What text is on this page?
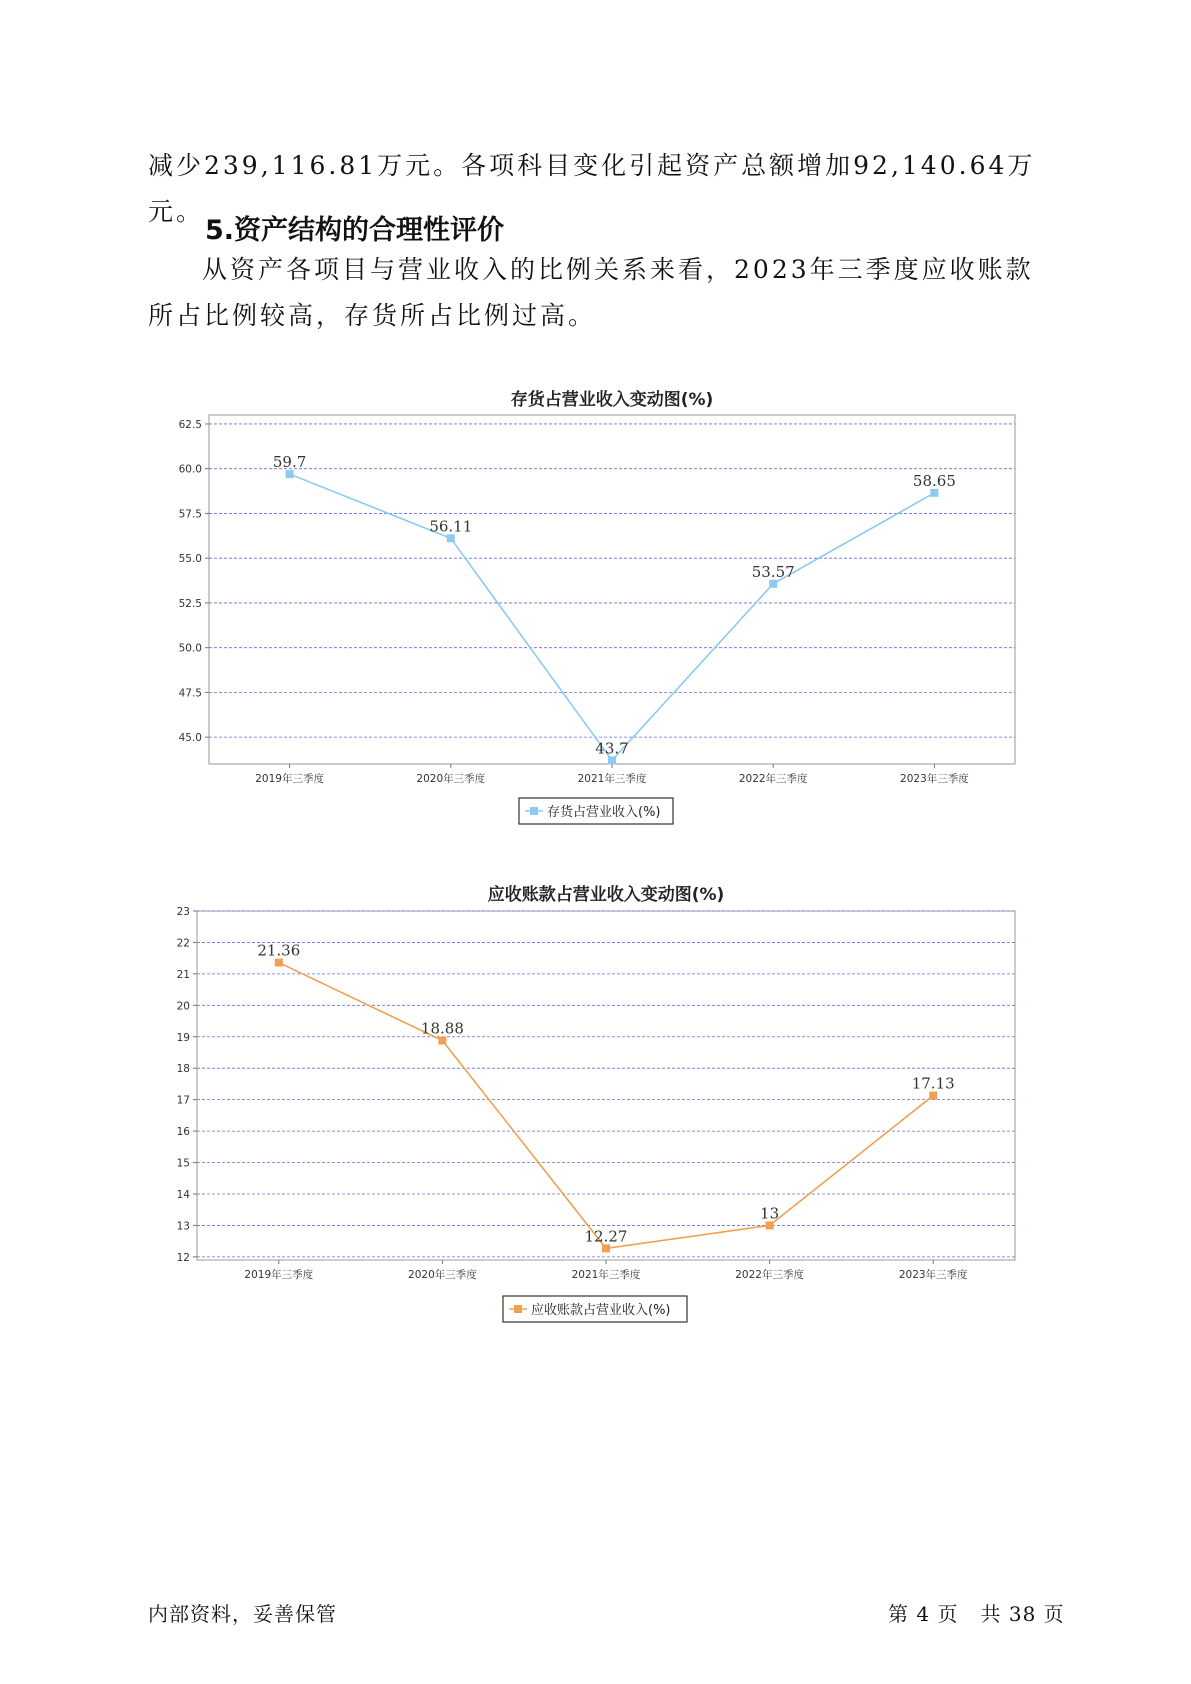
减少239,116.81万元。各项科目变化引起资产总额增加92,140.64万元。

5.资产结构的合理性评价

从资产各项目与营业收入的比例关系来看，2023年三季度应收账款所占比例较高，存货所占比例过高。

存货占营业收入变动图(%)
62.5
60.0
57.5
55.0
52.5
50.0
47.5
45.0
2019年三季度	2020年三季度	2021年三季度	2022年三季度	2023年三季度
59.7
56.11
43.7
53.57
58.65
存货占营业收入(%)
应收账款占营业收入变动图(%)
23
22
21
20
19
18
17
16
15
14
13
12
2019年三季度	2020年三季度	2021年三季度	2022年三季度	2023年三季度
21.36
18.88
12.27
13
17.13
应收账款占营业收入(%)
内部资料，妥善保管	第 4 页   共 38 页
